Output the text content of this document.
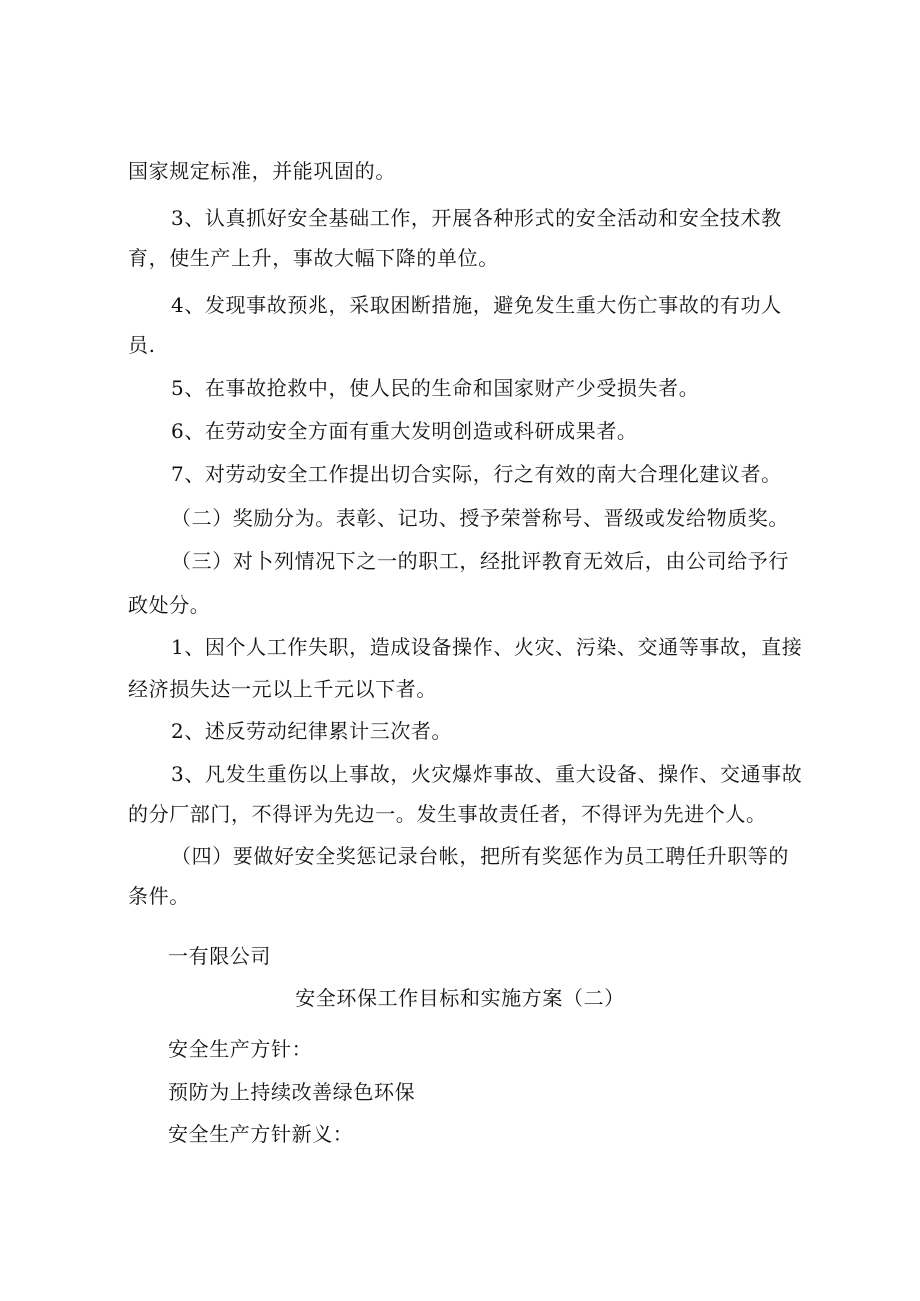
国家规定标准，并能巩固的。
3、认真抓好安全基础工作，开展各种形式的安全活动和安全技术教
育，使生产上升，事故大幅下降的单位。
4、发现事故预兆，采取困断措施，避免发生重大伤亡事故的有功人
员.
5、在事故抢救中，使人民的生命和国家财产少受损失者。
6、在劳动安全方面有重大发明创造或科研成果者。
7、对劳动安全工作提出切合实际，行之有效的南大合理化建议者。
（二）奖励分为。表彰、记功、授予荣誉称号、晋级或发给物质奖。
（三）对卜列情况下之一的职工，经批评教育无效后，由公司给予行
政处分。
1、因个人工作失职，造成设备操作、火灾、污染、交通等事故，直接
经济损失达一元以上千元以下者。
2、述反劳动纪律累计三次者。
3、凡发生重伤以上事故，火灾爆炸事故、重大设备、操作、交通事故
的分厂部门，不得评为先边一。发生事故责任者，不得评为先进个人。
（四）要做好安全奖惩记录台帐，把所有奖惩作为员工聘任升职等的
条件。
一有限公司
安全环保工作目标和实施方案（二）
安全生产方针：
预防为上持续改善绿色环保
安全生产方针新义：
